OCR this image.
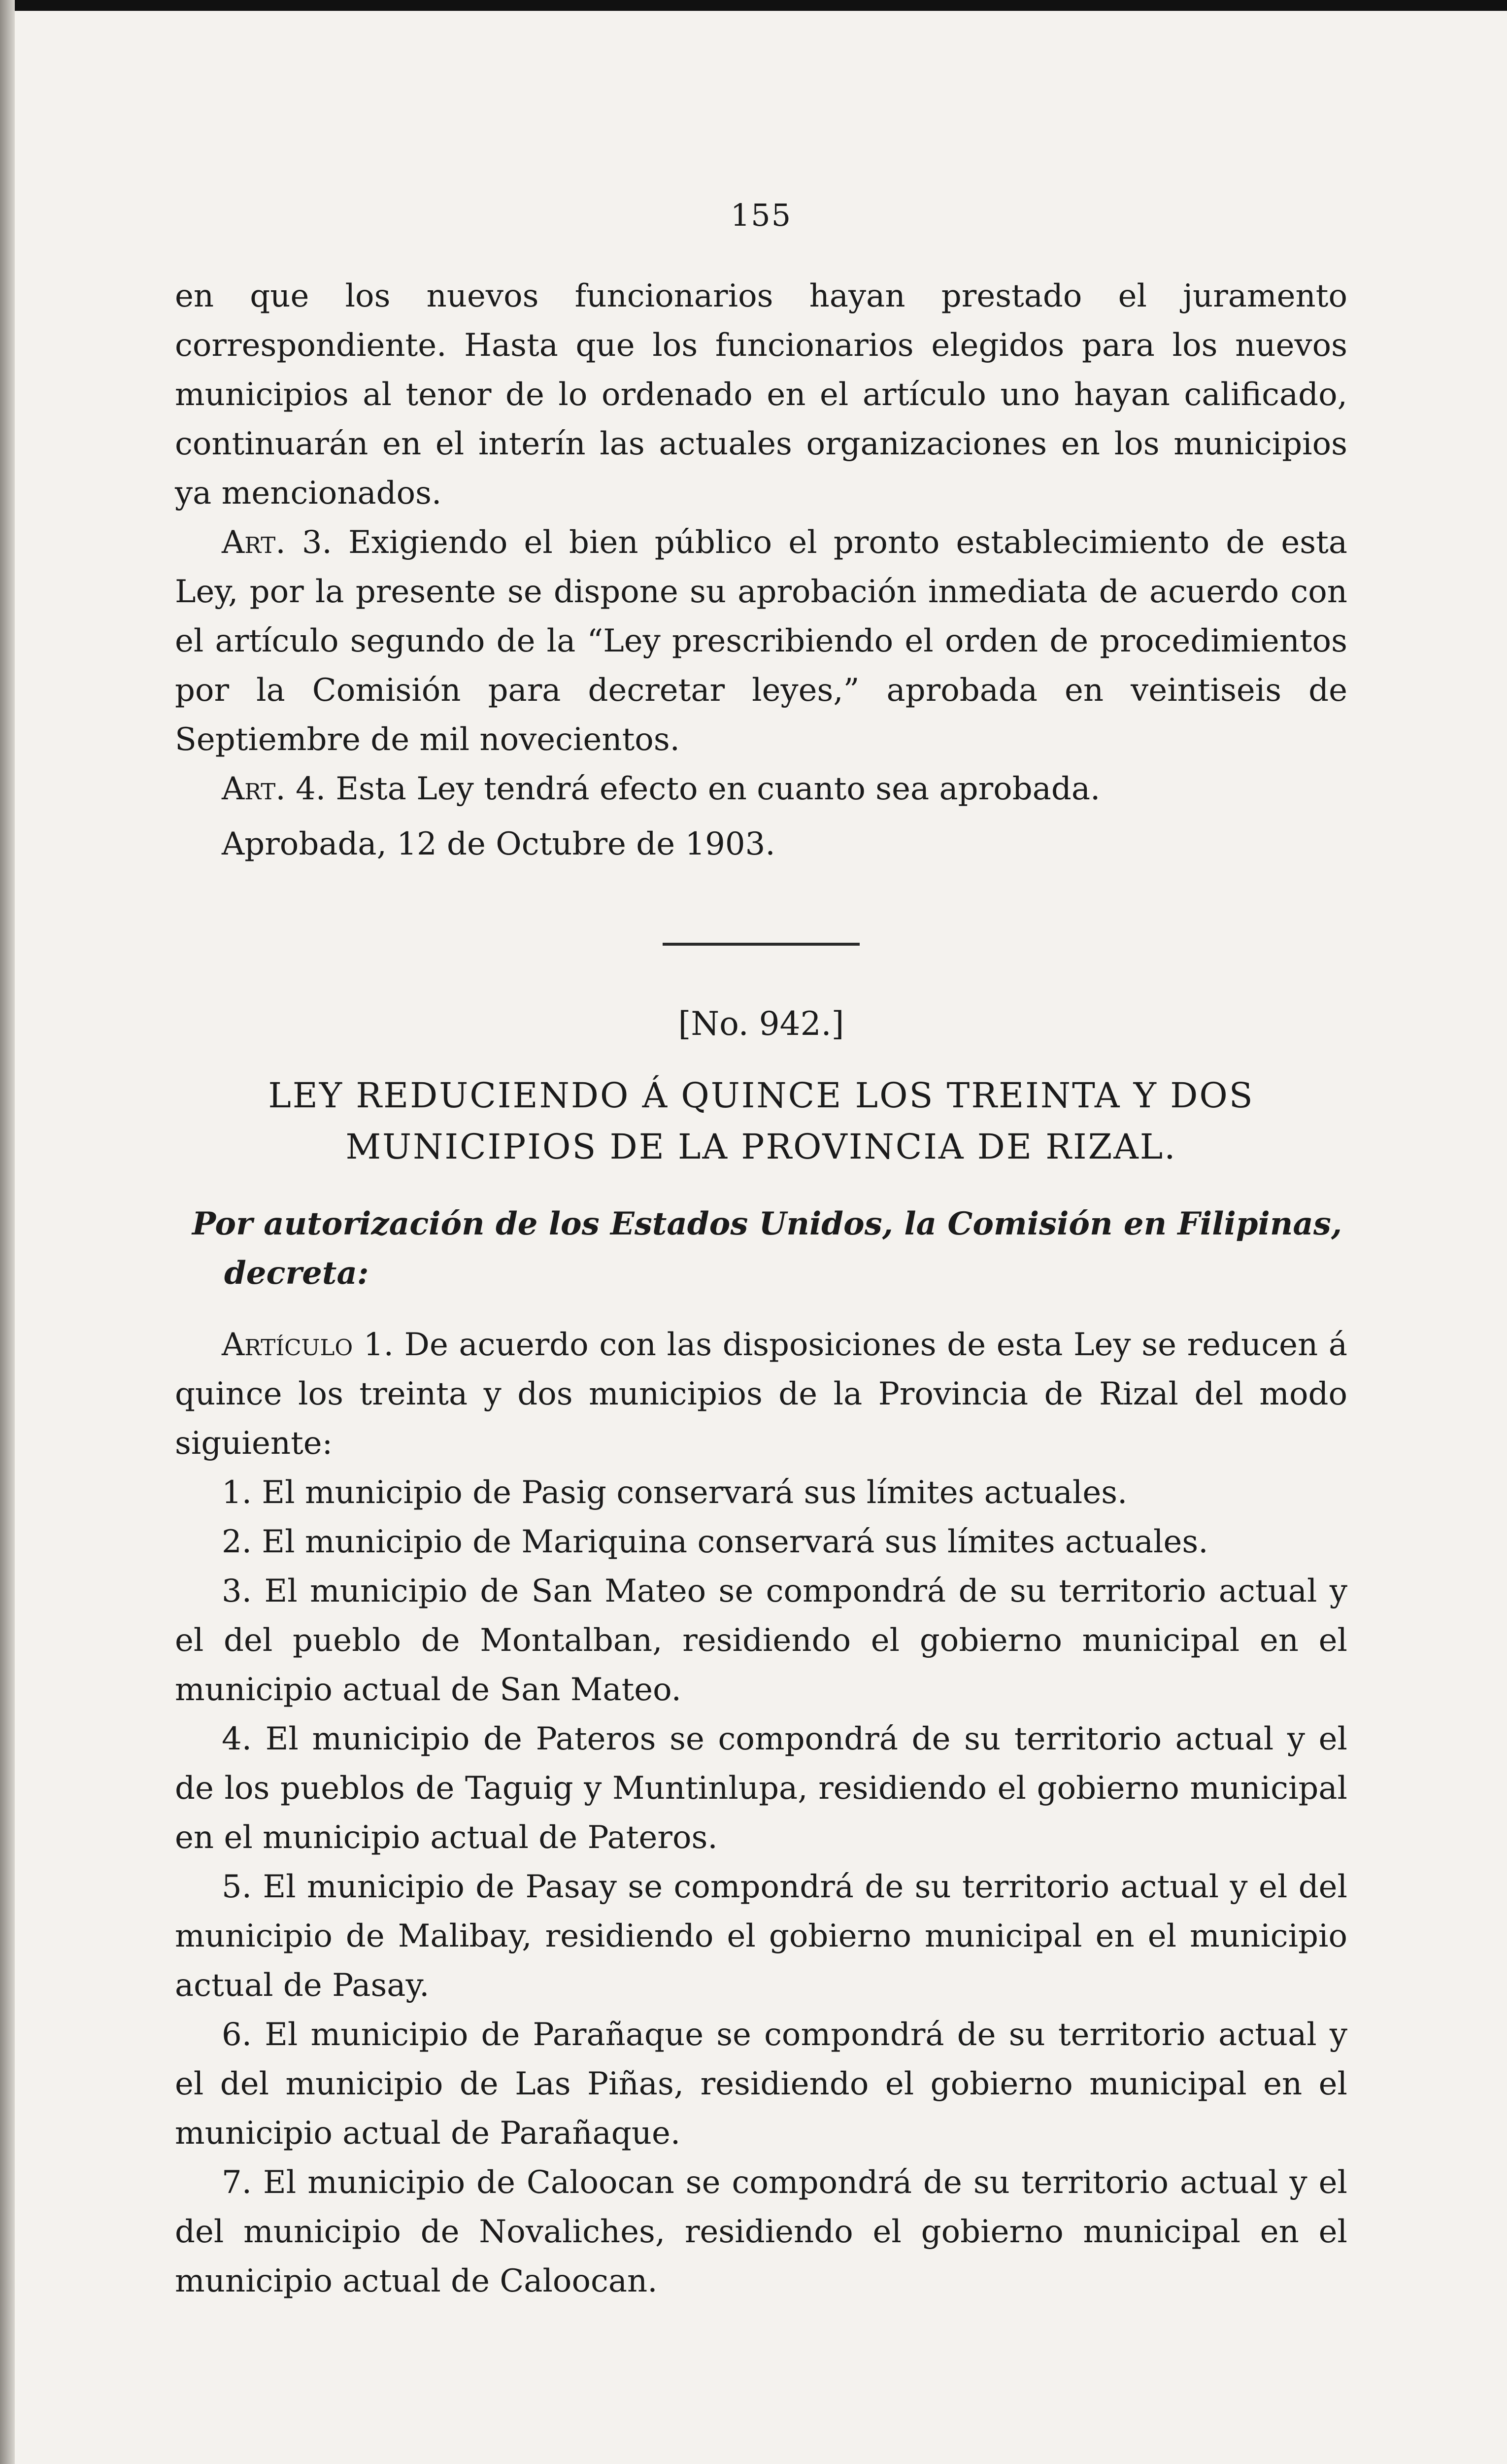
155

en que los nuevos funcionarios hayan prestado el juramento correspondiente. Hasta que los funcionarios elegidos para los nuevos municipios al tenor de lo ordenado en el artículo uno hayan calificado, continuarán en el interín las actuales organizaciones en los municipios ya mencionados.

Art. 3. Exigiendo el bien público el pronto establecimiento de esta Ley, por la presente se dispone su aprobación inmediata de acuerdo con el artículo segundo de la “Ley prescribiendo el orden de procedimientos por la Comisión para decretar leyes,” aprobada en veintiseis de Septiembre de mil novecientos.

Art. 4. Esta Ley tendrá efecto en cuanto sea aprobada.

Aprobada, 12 de Octubre de 1903.

[No. 942.]
LEY REDUCIENDO Á QUINCE LOS TREINTA Y DOS
MUNICIPIOS DE LA PROVINCIA DE RIZAL.

Por autorización de los Estados Unidos, la Comisión en Filipinas,
decreta:

Artículo 1. De acuerdo con las disposiciones de esta Ley se reducen á quince los treinta y dos municipios de la Provincia de Rizal del modo siguiente:

1. El municipio de Pasig conservará sus límites actuales.

2. El municipio de Mariquina conservará sus límites actuales.

3. El municipio de San Mateo se compondrá de su territorio actual y el del pueblo de Montalban, residiendo el gobierno municipal en el municipio actual de San Mateo.

4. El municipio de Pateros se compondrá de su territorio actual y el de los pueblos de Taguig y Muntinlupa, residiendo el gobierno municipal en el municipio actual de Pateros.

5. El municipio de Pasay se compondrá de su territorio actual y el del municipio de Malibay, residiendo el gobierno municipal en el municipio actual de Pasay.

6. El municipio de Parañaque se compondrá de su territorio actual y el del municipio de Las Piñas, residiendo el gobierno municipal en el municipio actual de Parañaque.

7. El municipio de Caloocan se compondrá de su territorio actual y el del municipio de Novaliches, residiendo el gobierno municipal en el municipio actual de Caloocan.
